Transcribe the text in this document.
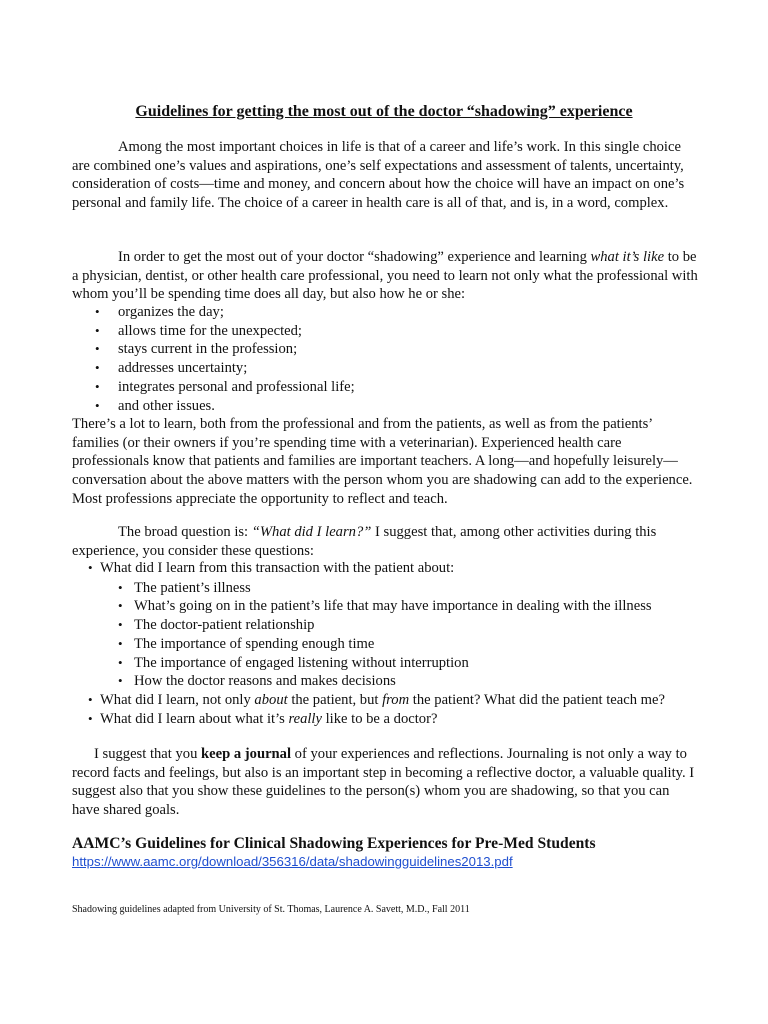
Guidelines for getting the most out of the doctor “shadowing” experience

Among the most important choices in life is that of a career and life’s work. In this single choice are combined one’s values and aspirations, one’s self expectations and assessment of talents, uncertainty, consideration of costs—time and money, and concern about how the choice will have an impact on one’s personal and family life. The choice of a career in health care is all of that, and is, in a word, complex.

In order to get the most out of your doctor “shadowing” experience and learning what it’s like to be a physician, dentist, or other health care professional, you need to learn not only what the professional with whom you’ll be spending time does all day, but also how he or she:

• organizes the day;
• allows time for the unexpected;
• stays current in the profession;
• addresses uncertainty;
• integrates personal and professional life;
• and other issues.

There’s a lot to learn, both from the professional and from the patients, as well as from the patients’ families (or their owners if you’re spending time with a veterinarian). Experienced health care professionals know that patients and families are important teachers. A long—and hopefully leisurely—conversation about the above matters with the person whom you are shadowing can add to the experience. Most professions appreciate the opportunity to reflect and teach.

The broad question is: “What did I learn?” I suggest that, among other activities during this experience, you consider these questions:

• What did I learn from this transaction with the patient about:
• The patient’s illness
• What’s going on in the patient’s life that may have importance in dealing with the illness
• The doctor-patient relationship
• The importance of spending enough time
• The importance of engaged listening without interruption
• How the doctor reasons and makes decisions
• What did I learn, not only about the patient, but from the patient? What did the patient teach me?
• What did I learn about what it’s really like to be a doctor?

I suggest that you keep a journal of your experiences and reflections. Journaling is not only a way to record facts and feelings, but also is an important step in becoming a reflective doctor, a valuable quality. I suggest also that you show these guidelines to the person(s) whom you are shadowing, so that you can have shared goals.

AAMC’s Guidelines for Clinical Shadowing Experiences for Pre-Med Students

https://www.aamc.org/download/356316/data/shadowingguidelines2013.pdf

Shadowing guidelines adapted from University of St. Thomas, Laurence A. Savett, M.D., Fall 2011
